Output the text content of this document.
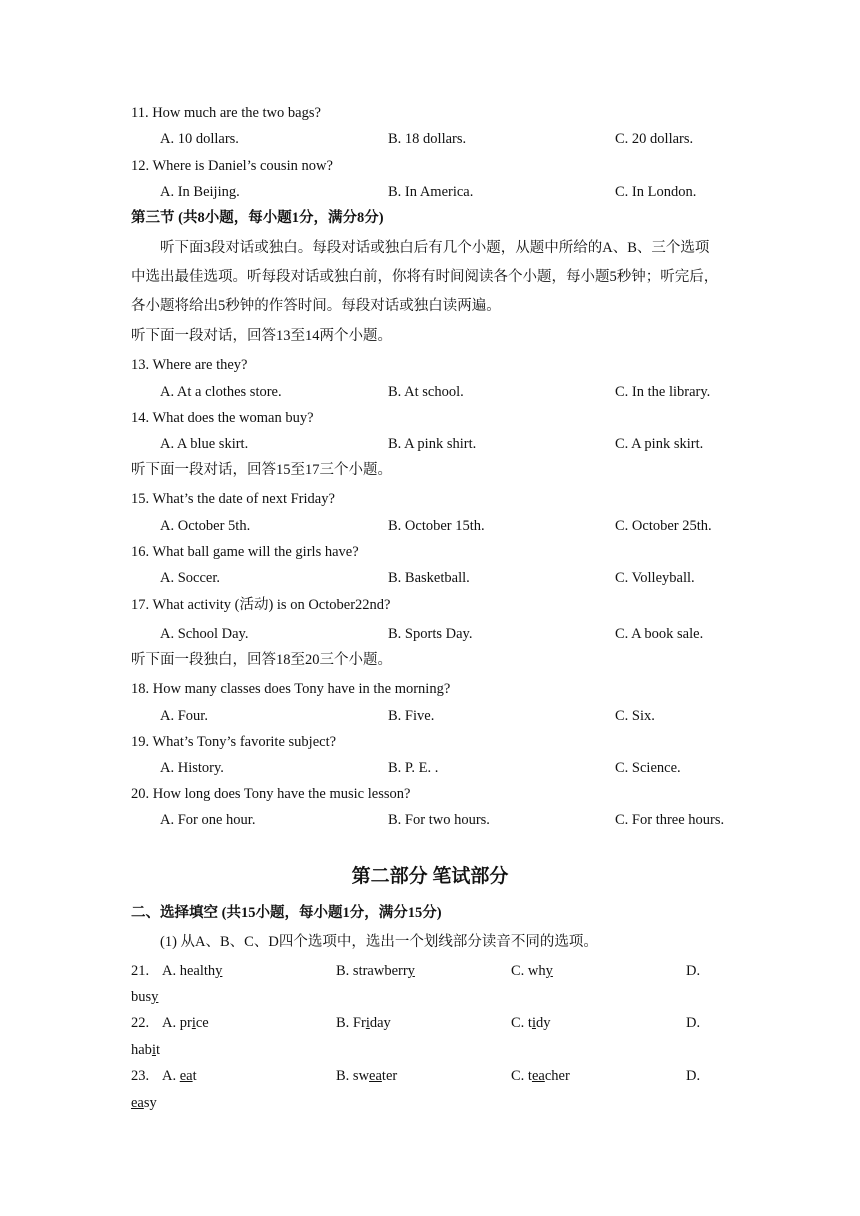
11. How much are the two bags?
A. 10 dollars.	B. 18 dollars.	C. 20 dollars.
12. Where is Daniel’s cousin now?
A. In Beijing.	B. In America.	C. In London.
第三节 (共8小题，每小题1分，满分8分)
听下面3段对话或独白。每段对话或独白后有几个小题，从题中所给的A、B、三个选项
中选出最佳选项。听每段对话或独白前，你将有时间阅读各个小题，每小题5秒钟；听完后，
各小题将给出5秒钟的作答时间。每段对话或独白读两遍。
听下面一段对话，回答13至14两个小题。
13. Where are they?
A. At a clothes store.	B. At school.	C. In the library.
14. What does the woman buy?
A. A blue skirt.	B. A pink shirt.	C. A pink skirt.
听下面一段对话，回答15至17三个小题。
15. What’s the date of next Friday?
A. October 5th.	B. October 15th.	C. October 25th.
16. What ball game will the girls have?
A. Soccer.	B. Basketball.	C. Volleyball.
17. What activity (活动) is on October22nd?
A. School Day.	B. Sports Day.	C. A book sale.
听下面一段独白，回答18至20三个小题。
18. How many classes does Tony have in the morning?
A. Four.	B. Five.	C. Six.
19. What’s Tony’s favorite subject?
A. History.	B. P. E. .	C. Science.
20. How long does Tony have the music lesson?
A. For one hour.	B. For two hours.	C. For three hours.
第二部分 笔试部分
二、选择填空 (共15小题，每小题1分，满分15分)
(1) 从A、B、C、D四个选项中，选出一个划线部分读音不同的选项。
21. A. healthy	B. strawberry	C. why	D.
busy
22. A. price	B. Friday	C. tidy	D.
habit
23. A. eat	B. sweater	C. teacher	D.
easy
